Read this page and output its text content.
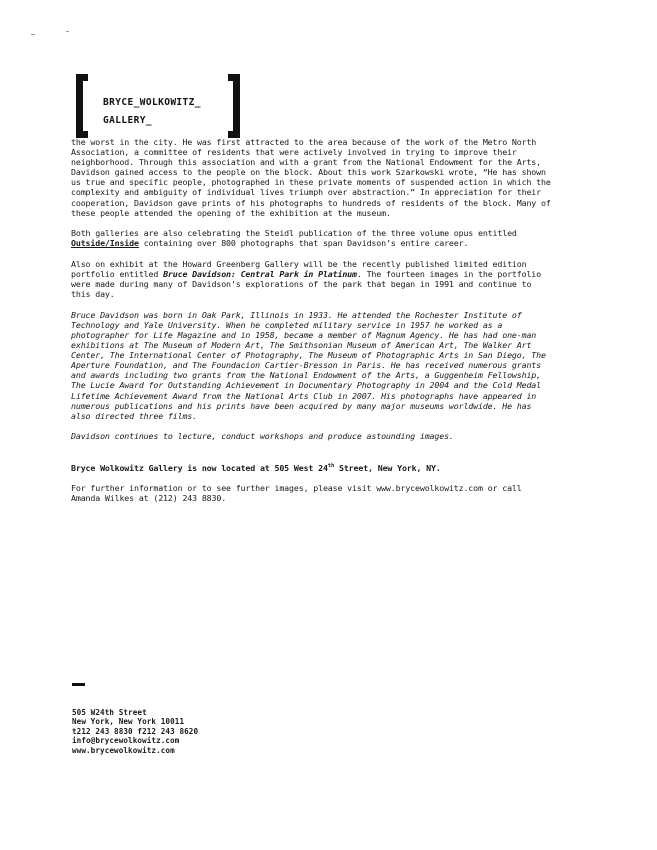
BRYCE_WOLKOWITZ_
GALLERY_

the worst in the city. He was first attracted to the area because of the work of the Metro North Association, a committee of residents that were actively involved in trying to improve their neighborhood. Through this association and with a grant from the National Endowment for the Arts, Davidson gained access to the people on the block. About this work Szarkowski wrote, “He has shown us true and specific people, photographed in these private moments of suspended action in which the complexity and ambiguity of individual lives triumph over abstraction.” In appreciation for their cooperation, Davidson gave prints of his photographs to hundreds of residents of the block. Many of these people attended the opening of the exhibition at the museum.

Both galleries are also celebrating the Steidl publication of the three volume opus entitled Outside/Inside containing over 800 photographs that span Davidson’s entire career.

Also on exhibit at the Howard Greenberg Gallery will be the recently published limited edition portfolio entitled Bruce Davidson: Central Park in Platinum. The fourteen images in the portfolio were made during many of Davidson’s explorations of the park that began in 1991 and continue to this day.

Bruce Davidson was born in Oak Park, Illinois in 1933. He attended the Rochester Institute of Technology and Yale University. When he completed military service in 1957 he worked as a photographer for Life Magazine and in 1958, became a member of Magnum Agency. He has had one-man exhibitions at The Museum of Modern Art, The Smithsonian Museum of American Art, The Walker Art Center, The International Center of Photography, The Museum of Photographic Arts in San Diego, The Aperture Foundation, and The Foundacion Cartier-Bresson in Paris. He has received numerous grants and awards including two grants from the National Endowment of the Arts, a Guggenheim Fellowship, The Lucie Award for Outstanding Achievement in Documentary Photography in 2004 and the Cold Medal Lifetime Achievement Award from the National Arts Club in 2007. His photographs have appeared in numerous publications and his prints have been acquired by many major museums worldwide. He has also directed three films.

Davidson continues to lecture, conduct workshops and produce astounding images.

Bryce Wolkowitz Gallery is now located at 505 West 24th Street, New York, NY.

For further information or to see further images, please visit www.brycewolkowitz.com or call Amanda Wilkes at (212) 243 8830.

505 W24th Street
New York, New York 10011
t212 243 8830 f212 243 8620
info@brycewolkowitz.com
www.brycewolkowitz.com
